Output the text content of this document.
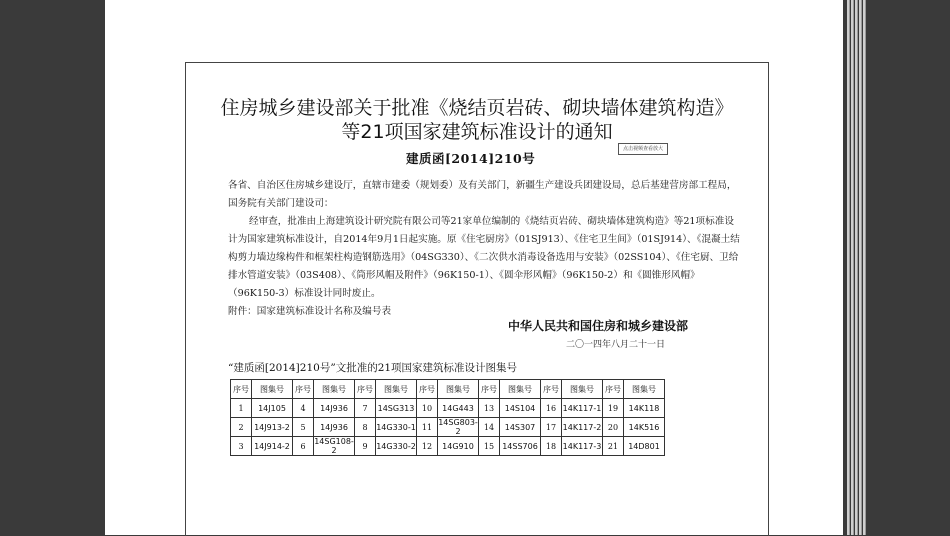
住房城乡建设部关于批准《烧结页岩砖、砌块墙体建筑构造》
等21项国家建筑标准设计的通知
点击视频查看放大
建质函[2014]210号

各省、自治区住房城乡建设厅，直辖市建委（规划委）及有关部门，新疆生产建设兵团建设局，总后基建营房部工程局，国务院有关部门建设司：

经审查，批准由上海建筑设计研究院有限公司等21家单位编制的《烧结页岩砖、砌块墙体建筑构造》等21项标准设计为国家建筑标准设计，自2014年9月1日起实施。原《住宅厨房》（01SJ913）、《住宅卫生间》（01SJ914）、《混凝土结构剪力墙边缘构件和框架柱构造钢筋选用》（04SG330）、《二次供水消毒设备选用与安装》（02SS104）、《住宅厨、卫给排水管道安装》（03S408）、《筒形风帽及附件》（96K150-1）、《圆伞形风帽》（96K150-2）和《圆锥形风帽》（96K150-3）标准设计同时废止。

附件：国家建筑标准设计名称及编号表

中华人民共和国住房和城乡建设部
二〇一四年八月二十一日
“建质函[2014]210号”文批准的21项国家建筑标准设计图集号
序号	图集号	序号	图集号	序号	图集号	序号	图集号	序号	图集号	序号	图集号	序号	图集号
1	14J105	4	14J936	7	14SG313	10	14G443	13	14S104	16	14K117-1	19	14K118
2	14J913-2	5	14J936	8	14G330-1	11	14SG803-2	14	14S307	17	14K117-2	20	14K516
3	14J914-2	6	14SG108-2	9	14G330-2	12	14G910	15	14SS706	18	14K117-3	21	14D801
